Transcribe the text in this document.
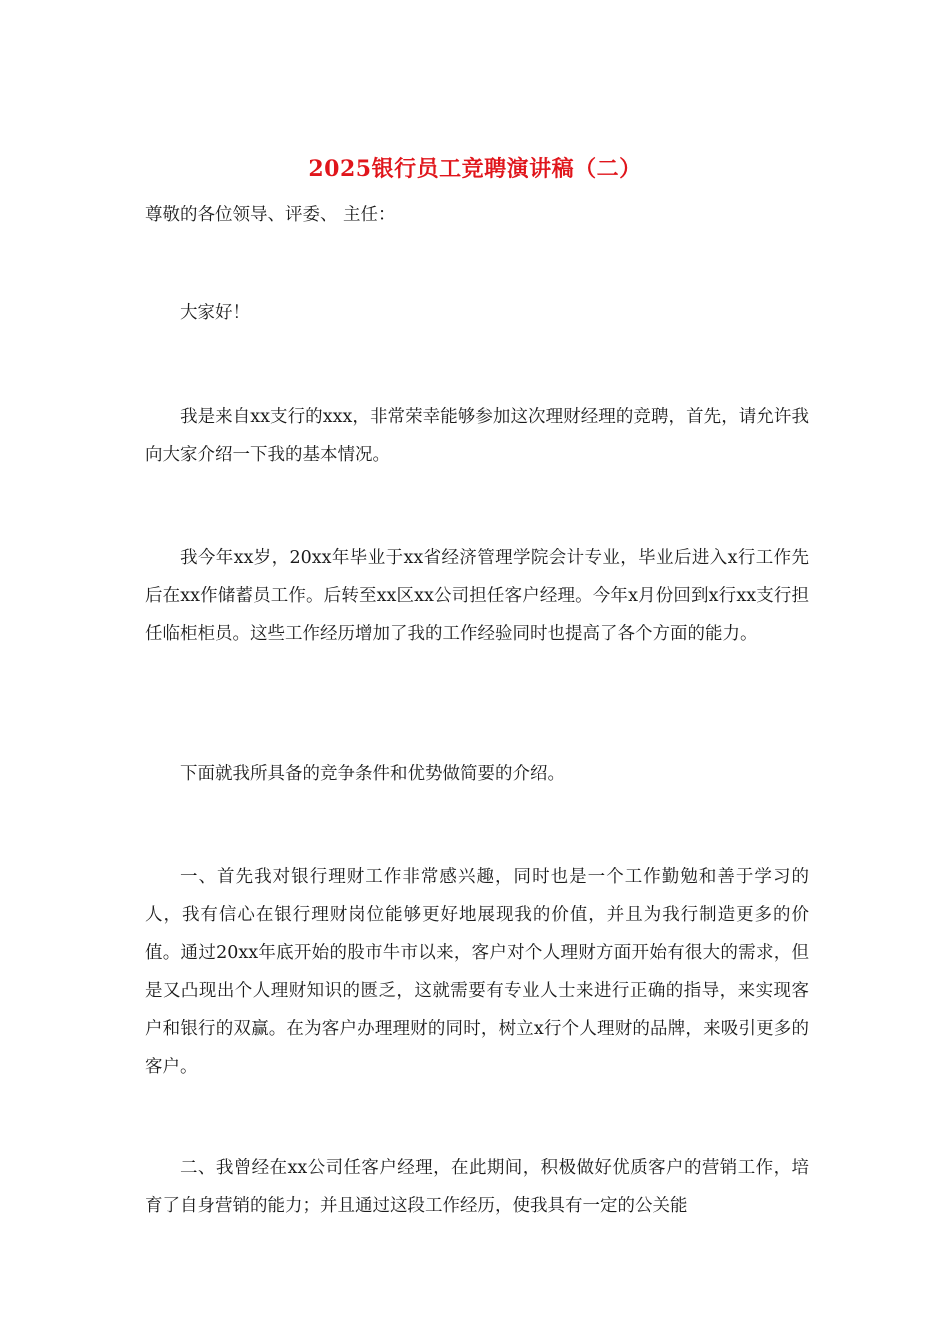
2025银行员工竞聘演讲稿（二）

尊敬的各位领导、评委、 主任：

大家好！

我是来自xx支行的xxx，非常荣幸能够参加这次理财经理的竞聘，首先，请允许我向大家介绍一下我的基本情况。

我今年xx岁，20xx年毕业于xx省经济管理学院会计专业，毕业后进入x行工作先后在xx作储蓄员工作。后转至xx区xx公司担任客户经理。今年x月份回到x行xx支行担任临柜柜员。这些工作经历增加了我的工作经验同时也提高了各个方面的能力。

下面就我所具备的竞争条件和优势做简要的介绍。

一、首先我对银行理财工作非常感兴趣，同时也是一个工作勤勉和善于学习的人，我有信心在银行理财岗位能够更好地展现我的价值，并且为我行制造更多的价值。通过20xx年底开始的股市牛市以来，客户对个人理财方面开始有很大的需求，但是又凸现出个人理财知识的匮乏，这就需要有专业人士来进行正确的指导，来实现客户和银行的双赢。在为客户办理理财的同时，树立x行个人理财的品牌，来吸引更多的客户。

二、我曾经在xx公司任客户经理，在此期间，积极做好优质客户的营销工作，培育了自身营销的能力；并且通过这段工作经历，使我具有一定的公关能
